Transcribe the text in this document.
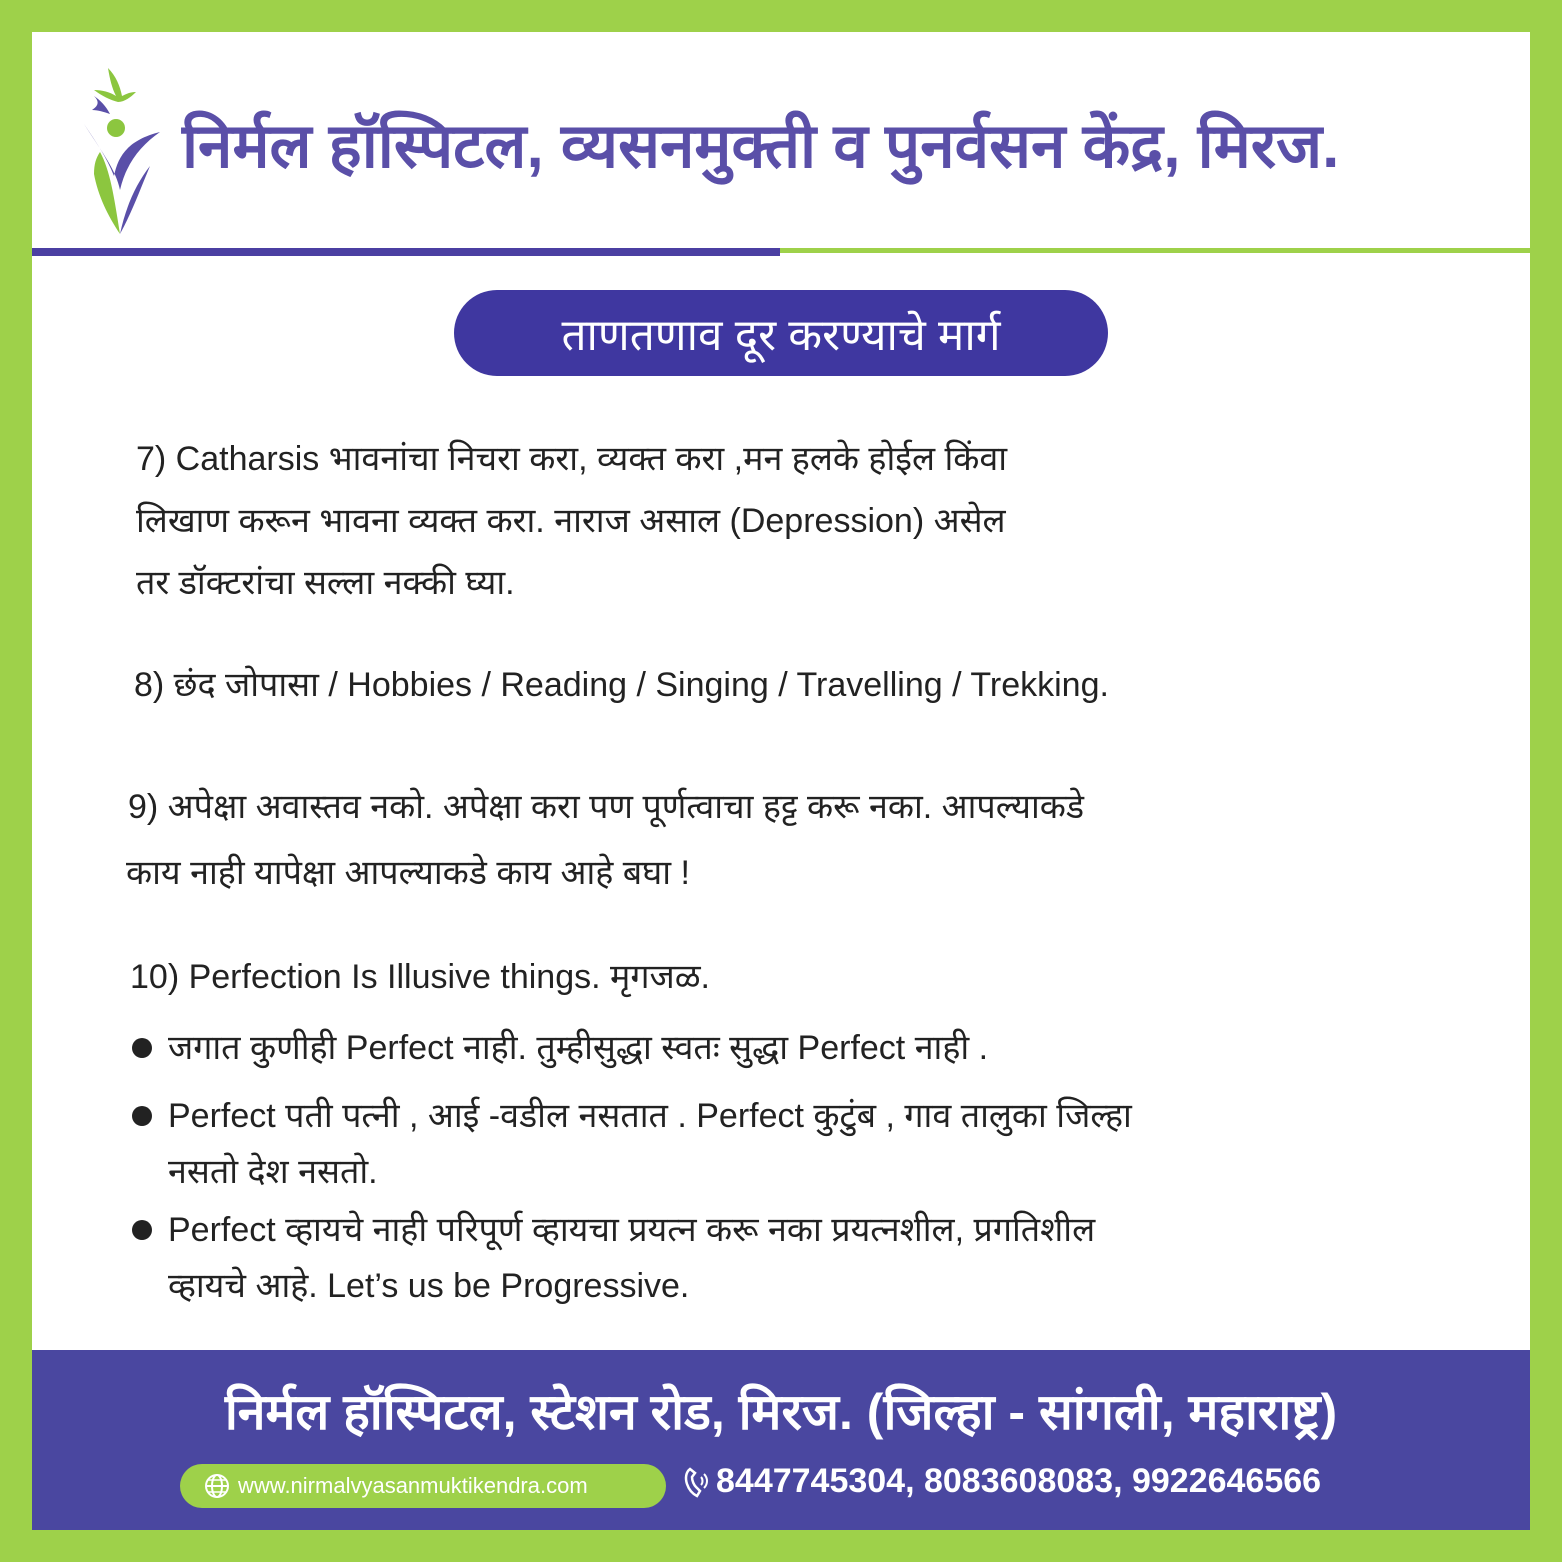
निर्मल हॉस्पिटल, व्यसनमुक्ती व पुनर्वसन केंद्र, मिरज.
ताणतणाव दूर करण्याचे मार्ग
7) Catharsis भावनांचा निचरा करा, व्यक्त करा ,मन हलके होईल किंवा
लिखाण करून भावना व्यक्त करा. नाराज असाल (Depression) असेल
तर डॉक्टरांचा सल्ला नक्की घ्या.
8) छंद जोपासा / Hobbies / Reading / Singing / Travelling / Trekking.
9) अपेक्षा अवास्तव नको. अपेक्षा करा पण पूर्णत्वाचा हट्ट करू नका. आपल्याकडे
काय नाही यापेक्षा आपल्याकडे काय आहे बघा !
10) Perfection Is Illusive things. मृगजळ.
जगात कुणीही Perfect नाही. तुम्हीसुद्धा स्वतः सुद्धा Perfect नाही .
Perfect पती पत्नी , आई -वडील नसतात . Perfect कुटुंब , गाव तालुका जिल्हा
नसतो देश नसतो.
Perfect व्हायचे नाही परिपूर्ण व्हायचा प्रयत्न करू नका प्रयत्नशील, प्रगतिशील
व्हायचे आहे. Let’s us be Progressive.
निर्मल हॉस्पिटल, स्टेशन रोड, मिरज. (जिल्हा - सांगली, महाराष्ट्र)
www.nirmalvyasanmuktikendra.com	8447745304, 8083608083, 9922646566
